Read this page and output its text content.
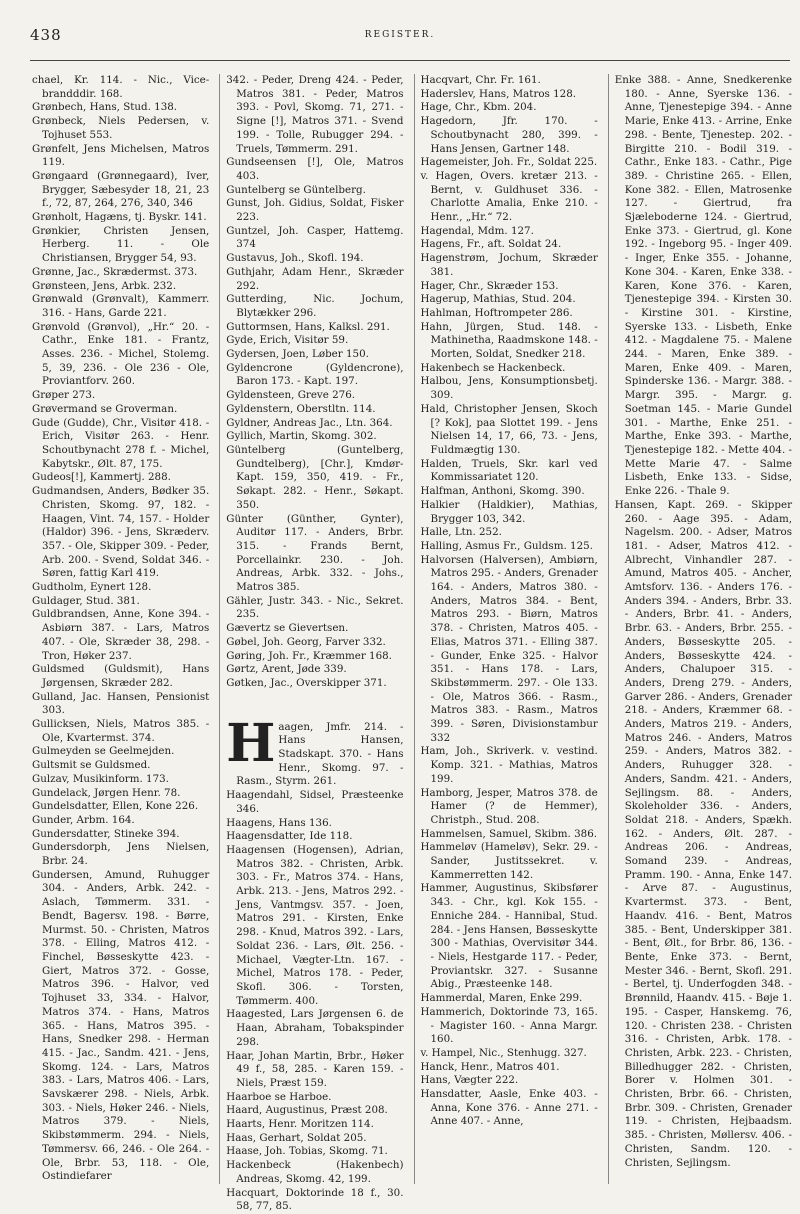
438	REGISTER.

chael, Kr. 114. - Nic., Vice-brandddir. 168.

Grønbech, Hans, Stud. 138.

Grønbeck, Niels Pedersen, v. Tojhuset 553.

Grønfelt, Jens Michelsen, Matros 119.

Grøngaard (Grønnegaard), Iver, Brygger, Sæbesyder 18, 21, 23 f., 72, 87, 264, 276, 340, 346

Grønholt, Hagæns, tj. Byskr. 141.

Grønkier, Christen Jensen, Herberg. 11. - Ole Christiansen, Brygger 54, 93.

Grønne, Jac., Skrædermst. 373.

Grønsteen, Jens, Arbk. 232.

Grønwald (Grønvalt), Kammerr. 316. - Hans, Garde 221.

Grønvold (Grønvol), „Hr.“ 20. - Cathr., Enke 181. - Frantz, Asses. 236. - Michel, Stolemg. 5, 39, 236. - Ole 236 - Ole, Proviantforv. 260.

Grøper 273.

Grøvermand se Groverman.

Gude (Gudde), Chr., Visitør 418. - Erich, Visitør 263. - Henr. Schoutbynacht 278 f. - Michel, Kabytskr., Ølt. 87, 175.

Gudeos[!], Kammertj. 288.

Gudmandsen, Anders, Bødker 35. Christen, Skomg. 97, 182. - Haagen, Vint. 74, 157. - Holder (Haldor) 396. - Jens, Skræderv. 357. - Ole, Skipper 309. - Peder, Arb. 200. - Svend, Soldat 346. - Søren, fattig Karl 419.

Gudtholm, Eynert 128.

Guldager, Stud. 381.

Guldbrandsen, Anne, Kone 394. - Asbiørn 387. - Lars, Matros 407. - Ole, Skræder 38, 298. - Tron, Høker 237.

Guldsmed (Guldsmit), Hans Jørgensen, Skræder 282.

Gulland, Jac. Hansen, Pensionist 303.

Gullicksen, Niels, Matros 385. - Ole, Kvartermst. 374.

Gulmeyden se Geelmejden.

Gultsmit se Guldsmed.

Gulzav, Musikinform. 173.

Gundelack, Jørgen Henr. 78.

Gundelsdatter, Ellen, Kone 226.

Gunder, Arbm. 164.

Gundersdatter, Stineke 394.

Gundersdorph, Jens Nielsen, Brbr. 24.

Gundersen, Amund, Ruhugger 304. - Anders, Arbk. 242. - Aslach, Tømmerm. 331. - Bendt, Bagersv. 198. - Børre, Murmst. 50. - Christen, Matros 378. - Elling, Matros 412. - Finchel, Bøsseskytte 423. - Giert, Matros 372. - Gosse, Matros 396. - Halvor, ved Tojhuset 33, 334. - Halvor, Matros 374. - Hans, Matros 365. - Hans, Matros 395. - Hans, Snedker 298. - Herman 415. - Jac., Sandm. 421. - Jens, Skomg. 124. - Lars, Matros 383. - Lars, Matros 406. - Lars, Savskærer 298. - Niels, Arbk. 303. - Niels, Høker 246. - Niels, Matros 379. - Niels, Skibstømmerm. 294. - Niels, Tømmersv. 66, 246. - Ole 264. - Ole, Brbr. 53, 118. - Ole, Ostindiefarer

342. - Peder, Dreng 424. - Peder, Matros 381. - Peder, Matros 393. - Povl, Skomg. 71, 271. - Signe [!], Matros 371. - Svend 199. - Tolle, Rubugger 294. - Truels, Tømmerm. 291.

Gundseensen [!], Ole, Matros 403.

Guntelberg se Güntelberg.

Gunst, Joh. Gidius, Soldat, Fisker 223.

Guntzel, Joh. Casper, Hattemg. 374

Gustavus, Joh., Skofl. 194.

Guthjahr, Adam Henr., Skræder 292.

Gutterding, Nic. Jochum, Blytækker 296.

Guttormsen, Hans, Kalksl. 291.

Gyde, Erich, Visitør 59.

Gydersen, Joen, Løber 150.

Gyldencrone (Gyldencrone), Baron 173. - Kapt. 197.

Gyldensteen, Greve 276.

Gyldenstern, Oberstltn. 114.

Gyldner, Andreas Jac., Ltn. 364.

Gyllich, Martin, Skomg. 302.

Güntelberg (Guntelberg, Gundtelberg), [Chr.], Kmdør-Kapt. 159, 350, 419. - Fr., Søkapt. 282. - Henr., Søkapt. 350.

Günter (Günther, Gynter), Auditør 117. - Anders, Brbr. 315. - Frands Bernt, Porcellainkr. 230. - Joh. Andreas, Arbk. 332. - Johs., Matros 385.

Gähler, Justr. 343. - Nic., Sekret. 235.

Gævertz se Gievertsen.

Gøbel, Joh. Georg, Farver 332.

Gøring, Joh. Fr., Kræmmer 168.

Gørtz, Arent, Jøde 339.

Gøtken, Jac., Overskipper 371.

Haagen, Jmfr. 214. - Hans Hansen, Stadskapt. 370. - Hans Henr., Skomg. 97. - Rasm., Styrm. 261.

Haagendahl, Sidsel, Præsteenke 346.

Haagens, Hans 136.

Haagensdatter, Ide 118.

Haagensen (Hogensen), Adrian, Matros 382. - Christen, Arbk. 303. - Fr., Matros 374. - Hans, Arbk. 213. - Jens, Matros 292. - Jens, Vantmgsv. 357. - Joen, Matros 291. - Kirsten, Enke 298. - Knud, Matros 392. - Lars, Soldat 236. - Lars, Ølt. 256. - Michael, Vægter-Ltn. 167. - Michel, Matros 178. - Peder, Skofl. 306. - Torsten, Tømmerm. 400.

Haagested, Lars Jørgensen 6. de Haan, Abraham, Tobakspinder 298.

Haar, Johan Martin, Brbr., Høker 49 f., 58, 285. - Karen 159. - Niels, Præst 159.

Haarboe se Harboe.

Haard, Augustinus, Præst 208.

Haarts, Henr. Moritzen 114.

Haas, Gerhart, Soldat 205.

Haase, Joh. Tobias, Skomg. 71.

Hackenbeck (Hakenbech) Andreas, Skomg. 42, 199.

Hacquart, Doktorinde 18 f., 30. 58, 77, 85.

Hacqvart, Chr. Fr. 161.

Haderslev, Hans, Matros 128.

Hage, Chr., Kbm. 204.

Hagedorn, Jfr. 170. - Schoutbynacht 280, 399. - Hans Jensen, Gartner 148.

Hagemeister, Joh. Fr., Soldat 225.

v. Hagen, Overs. kretær 213. - Bernt, v. Guldhuset 336. - Charlotte Amalia, Enke 210. - Henr., „Hr.“ 72.

Hagendal, Mdm. 127.

Hagens, Fr., aft. Soldat 24.

Hagenstrøm, Jochum, Skræder 381.

Hager, Chr., Skræder 153.

Hagerup, Mathias, Stud. 204.

Hahlman, Hoftrompeter 286.

Hahn, Jürgen, Stud. 148. - Mathinetha, Raadmskone 148. - Morten, Soldat, Snedker 218.

Hakenbech se Hackenbeck.

Halbou, Jens, Konsumptionsbetj. 309.

Hald, Christopher Jensen, Skoch [? Kok], paa Slottet 199. - Jens Nielsen 14, 17, 66, 73. - Jens, Fuldmægtig 130.

Halden, Truels, Skr. karl ved Kommissariatet 120.

Halfman, Anthoni, Skomg. 390.

Halkier (Haldkier), Mathias, Brygger 103, 342.

Halle, Ltn. 252.

Halling, Asmus Fr., Guldsm. 125.

Halvorsen (Halversen), Ambiørn, Matros 295. - Anders, Grenader 164. - Anders, Matros 380. - Anders, Matros 384. - Bent, Matros 293. - Biørn, Matros 378. - Christen, Matros 405. - Elias, Matros 371. - Elling 387. - Gunder, Enke 325. - Halvor 351. - Hans 178. - Lars, Skibstømmerm. 297. - Ole 133. - Ole, Matros 366. - Rasm., Matros 383. - Rasm., Matros 399. - Søren, Divisionstambur 332

Ham, Joh., Skriverk. v. vestind. Komp. 321. - Mathias, Matros 199.

Hamborg, Jesper, Matros 378. de Hamer (? de Hemmer), Christph., Stud. 208.

Hammelsen, Samuel, Skibm. 386.

Hammeløv (Hameløv), Sekr. 29. - Sander, Justitssekret. v. Kammerretten 142.

Hammer, Augustinus, Skibsfører 343. - Chr., kgl. Kok 155. - Enniche 284. - Hannibal, Stud. 284. - Jens Hansen, Bøsseskytte 300 - Mathias, Overvisitør 344. - Niels, Hestgarde 117. - Peder, Proviantskr. 327. - Susanne Abig., Præsteenke 148.

Hammerdal, Maren, Enke 299.

Hammerich, Doktorinde 73, 165. - Magister 160. - Anna Margr. 160.

v. Hampel, Nic., Stenhugg. 327.

Hanck, Henr., Matros 401.

Hans, Vægter 222.

Hansdatter, Aasle, Enke 403. - Anna, Kone 376. - Anne 271. - Anne 407. - Anne,

Enke 388. - Anne, Snedkerenke 180. - Anne, Syerske 136. - Anne, Tjenestepige 394. - Anne Marie, Enke 413. - Arrine, Enke 298. - Bente, Tjenestep. 202. - Birgitte 210. - Bodil 319. - Cathr., Enke 183. - Cathr., Pige 389. - Christine 265. - Ellen, Kone 382. - Ellen, Matrosenke 127. - Giertrud, fra Sjæleboderne 124. - Giertrud, Enke 373. - Giertrud, gl. Kone 192. - Ingeborg 95. - Inger 409. - Inger, Enke 355. - Johanne, Kone 304. - Karen, Enke 338. - Karen, Kone 376. - Karen, Tjenestepige 394. - Kirsten 30. - Kirstine 301. - Kirstine, Syerske 133. - Lisbeth, Enke 412. - Magdalene 75. - Malene 244. - Maren, Enke 389. - Maren, Enke 409. - Maren, Spinderske 136. - Margr. 388. - Margr. 395. - Margr. g. Soetman 145. - Marie Gundel 301. - Marthe, Enke 251. - Marthe, Enke 393. - Marthe, Tjenestepige 182. - Mette 404. - Mette Marie 47. - Salme Lisbeth, Enke 133. - Sidse, Enke 226. - Thale 9.

Hansen, Kapt. 269. - Skipper 260. - Aage 395. - Adam, Nagelsm. 200. - Adser, Matros 181. - Adser, Matros 412. - Albrecht, Vinhandler 287. - Amund, Matros 405. - Ancher, Amtsforv. 136. - Anders 176. - Anders 394. - Anders, Brbr. 33. - Anders, Brbr. 41. - Anders, Brbr. 63. - Anders, Brbr. 255. - Anders, Bøsseskytte 205. - Anders, Bøsseskytte 424. - Anders, Chalupoer 315. - Anders, Dreng 279. - Anders, Garver 286. - Anders, Grenader 218. - Anders, Kræmmer 68. - Anders, Matros 219. - Anders, Matros 246. - Anders, Matros 259. - Anders, Matros 382. - Anders, Ruhugger 328. - Anders, Sandm. 421. - Anders, Sejlingsm. 88. - Anders, Skoleholder 336. - Anders, Soldat 218. - Anders, Spækh. 162. - Anders, Ølt. 287. - Andreas 206. - Andreas, Somand 239. - Andreas, Pramm. 190. - Anna, Enke 147. - Arve 87. - Augustinus, Kvartermst. 373. - Bent, Haandv. 416. - Bent, Matros 385. - Bent, Underskipper 381. - Bent, Ølt., for Brbr. 86, 136. - Bente, Enke 373. - Bernt, Mester 346. - Bernt, Skofl. 291. - Bertel, tj. Underfogden 348. - Brønnild, Haandv. 415. - Bøje 1. 195. - Casper, Hanskemg. 76, 120. - Christen 238. - Christen 316. - Christen, Arbk. 178. - Christen, Arbk. 223. - Christen, Billedhugger 282. - Christen, Borer v. Holmen 301. - Christen, Brbr. 66. - Christen, Brbr. 309. - Christen, Grenader 119. - Christen, Hejbaadsm. 385. - Christen, Møllersv. 406. - Christen, Sandm. 120. - Christen, Sejlingsm.
